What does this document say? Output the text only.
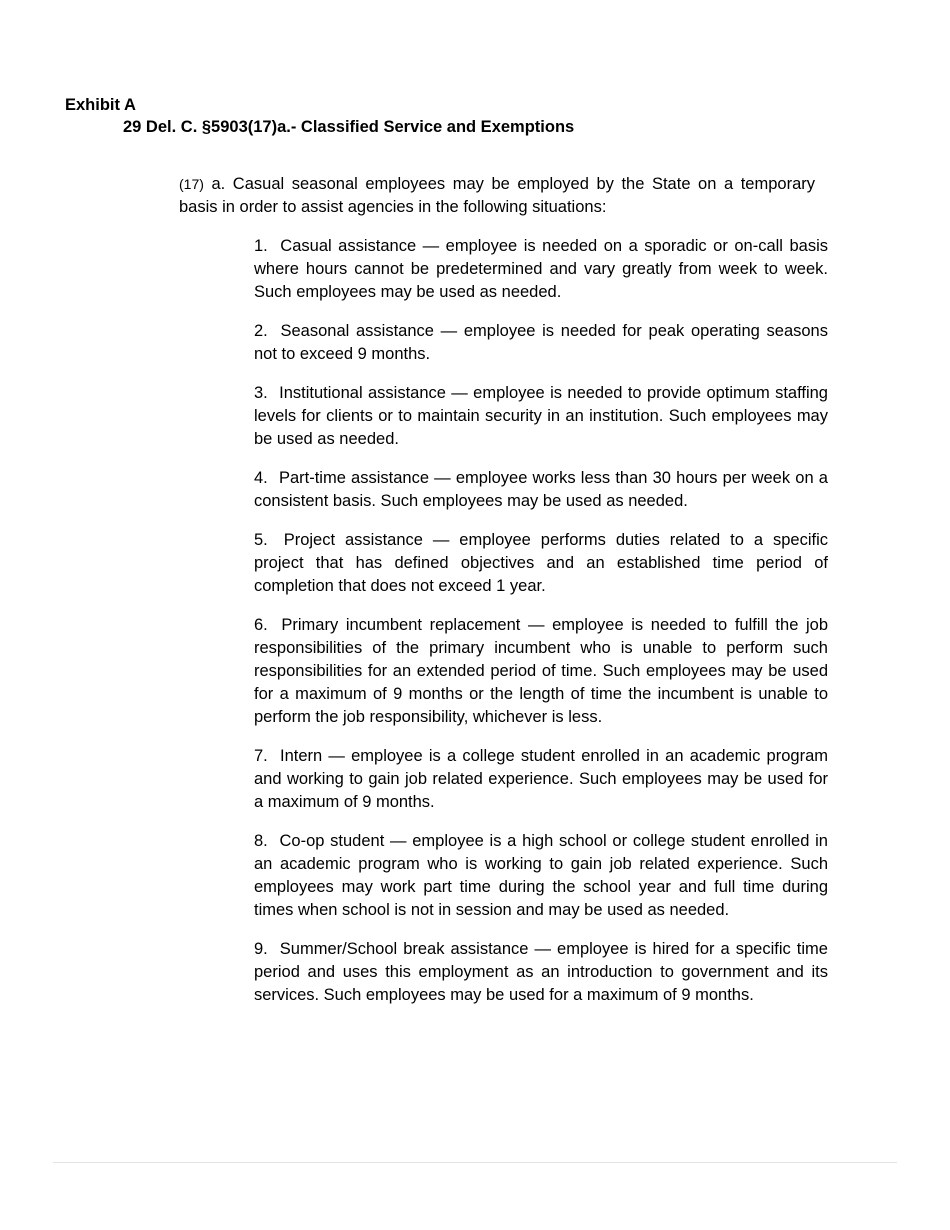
Exhibit A
29 Del. C. §5903(17)a.- Classified Service and Exemptions

(17) a. Casual seasonal employees may be employed by the State on a temporary basis in order to assist agencies in the following situations:

1. Casual assistance — employee is needed on a sporadic or on-call basis where hours cannot be predetermined and vary greatly from week to week. Such employees may be used as needed.
2. Seasonal assistance — employee is needed for peak operating seasons not to exceed 9 months.
3. Institutional assistance — employee is needed to provide optimum staffing levels for clients or to maintain security in an institution. Such employees may be used as needed.
4. Part-time assistance — employee works less than 30 hours per week on a consistent basis. Such employees may be used as needed.
5. Project assistance — employee performs duties related to a specific project that has defined objectives and an established time period of completion that does not exceed 1 year.
6. Primary incumbent replacement — employee is needed to fulfill the job responsibilities of the primary incumbent who is unable to perform such responsibilities for an extended period of time. Such employees may be used for a maximum of 9 months or the length of time the incumbent is unable to perform the job responsibility, whichever is less.
7. Intern — employee is a college student enrolled in an academic program and working to gain job related experience. Such employees may be used for a maximum of 9 months.
8. Co-op student — employee is a high school or college student enrolled in an academic program who is working to gain job related experience. Such employees may work part time during the school year and full time during times when school is not in session and may be used as needed.
9. Summer/School break assistance — employee is hired for a specific time period and uses this employment as an introduction to government and its services. Such employees may be used for a maximum of 9 months.
